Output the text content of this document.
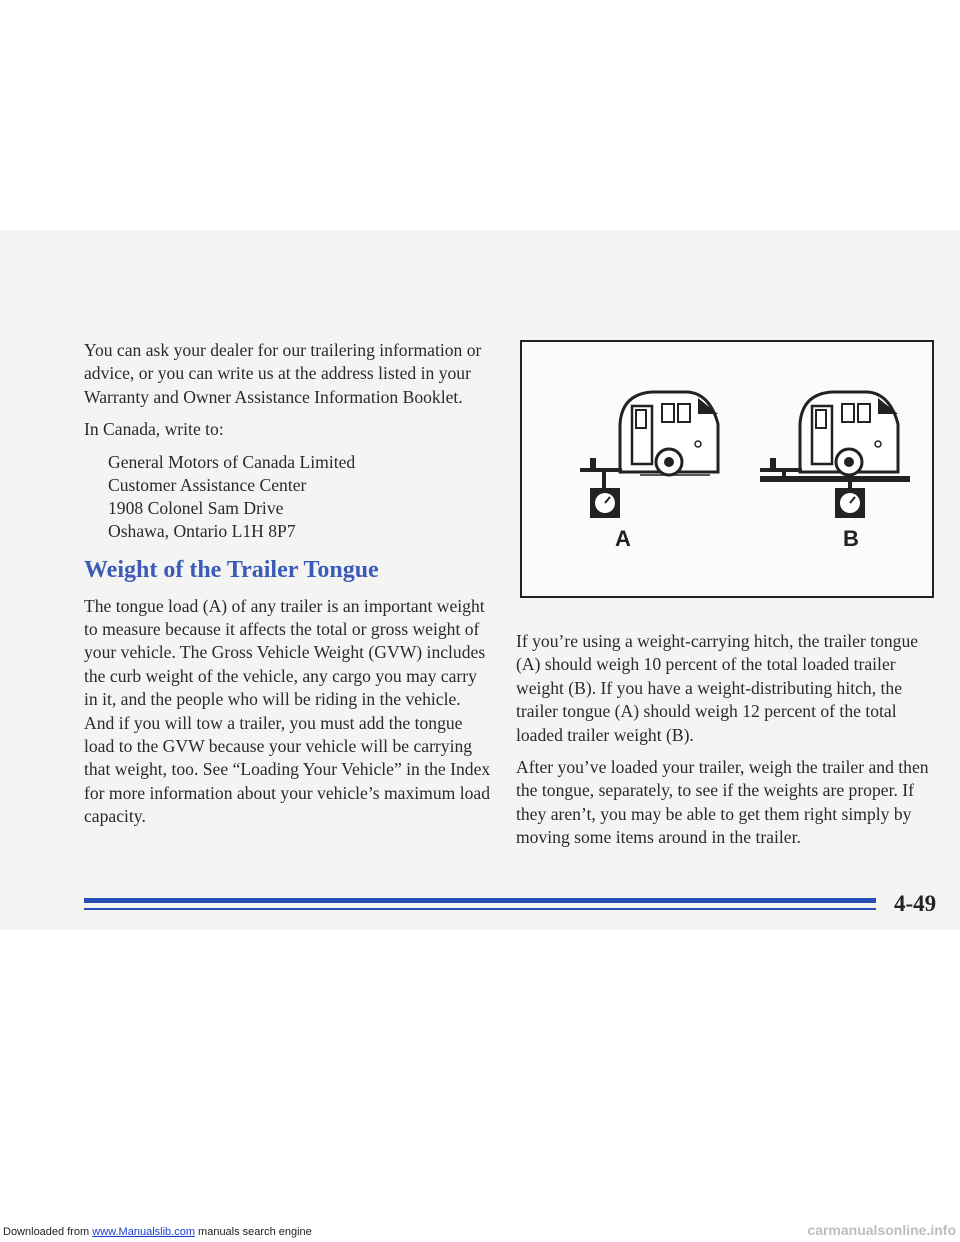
You can ask your dealer for our trailering information or advice, or you can write us at the address listed in your Warranty and Owner Assistance Information Booklet.

In Canada, write to:

General Motors of Canada Limited
Customer Assistance Center
1908 Colonel Sam Drive
Oshawa, Ontario L1H 8P7
Weight of the Trailer Tongue

The tongue load (A) of any trailer is an important weight to measure because it affects the total or gross weight of your vehicle. The Gross Vehicle Weight (GVW) includes the curb weight of the vehicle, any cargo you may carry in it, and the people who will be riding in the vehicle. And if you will tow a trailer, you must add the tongue load to the GVW because your vehicle will be carrying that weight, too. See “Loading Your Vehicle” in the Index for more information about your vehicle’s maximum load capacity.

A	B

If you’re using a weight-carrying hitch, the trailer tongue (A) should weigh 10 percent of the total loaded trailer weight (B). If you have a weight-distributing hitch, the trailer tongue (A) should weigh 12 percent of the total loaded trailer weight (B).

After you’ve loaded your trailer, weigh the trailer and then the tongue, separately, to see if the weights are proper. If they aren’t, you may be able to get them right simply by moving some items around in the trailer.

4-49
Downloaded from www.Manualslib.com manuals search engine	carmanualsonline.info
